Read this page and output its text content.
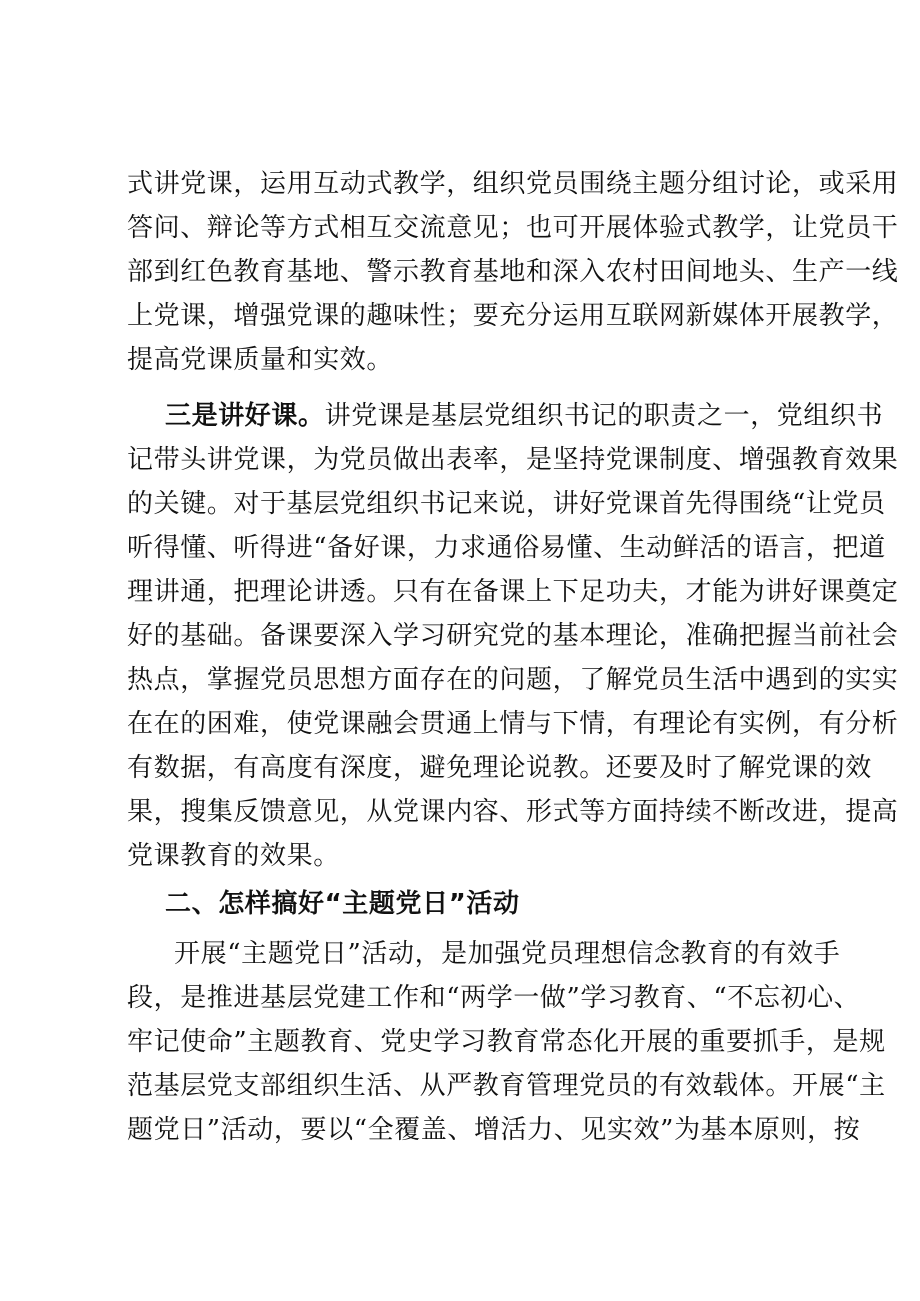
式讲党课，运用互动式教学，组织党员围绕主题分组讨论，或采用
答问、辩论等方式相互交流意见；也可开展体验式教学，让党员干
部到红色教育基地、警示教育基地和深入农村田间地头、生产一线
上党课，增强党课的趣味性；要充分运用互联网新媒体开展教学，
提高党课质量和实效。
三是讲好课。讲党课是基层党组织书记的职责之一，党组织书
记带头讲党课，为党员做出表率，是坚持党课制度、增强教育效果
的关键。对于基层党组织书记来说，讲好党课首先得围绕“让党员
听得懂、听得进“备好课，力求通俗易懂、生动鲜活的语言，把道
理讲通，把理论讲透。只有在备课上下足功夫，才能为讲好课奠定
好的基础。备课要深入学习研究党的基本理论，准确把握当前社会
热点，掌握党员思想方面存在的问题，了解党员生活中遇到的实实
在在的困难，使党课融会贯通上情与下情，有理论有实例，有分析
有数据，有高度有深度，避免理论说教。还要及时了解党课的效
果，搜集反馈意见，从党课内容、形式等方面持续不断改进，提高
党课教育的效果。
二、怎样搞好“主题党日”活动
开展“主题党日”活动，是加强党员理想信念教育的有效手
段，是推进基层党建工作和“两学一做”学习教育、“不忘初心、
牢记使命”主题教育、党史学习教育常态化开展的重要抓手，是规
范基层党支部组织生活、从严教育管理党员的有效载体。开展“主
题党日”活动，要以“全覆盖、增活力、见实效”为基本原则，按
